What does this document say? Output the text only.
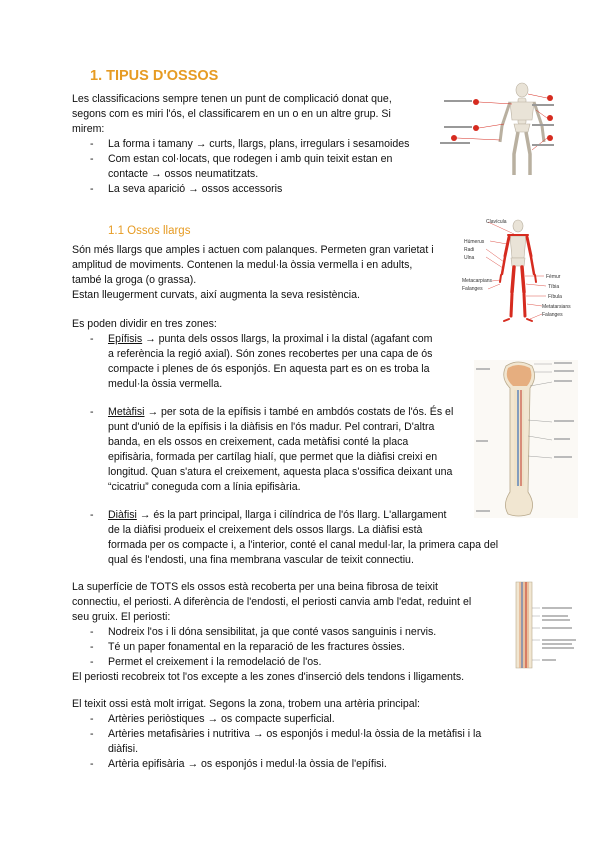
1. TIPUS D'OSSOS
Les classificacions sempre tenen un punt de complicació donat que,
segons com es miri l'ós, el classificarem en un o en un altre grup. Si
mirem:
- La forma i tamany → curts, llargs, plans, irregulars i sesamoides
- Com estan col·locats, que rodegen i amb quin teixit estan en
contacte → ossos neumatitzats.
- La seva aparició → ossos accessoris
1.1 Ossos llargs
Són més llargs que amples i actuen com palanques. Permeten gran varietat i
amplitud de moviments. Contenen la medul·la òssia vermella i en adults,
també la groga (o grassa).
Estan lleugerment curvats, així augmenta la seva resistència.
Clavícula
Húmerus
Radi
Ulna
Metacarpians
Falanges
Fèmur
Tíbia
Fíbula
Metatarsians
Falanges
Es poden dividir en tres zones:
- Epífisis → punta dels ossos llargs, la proximal i la distal (agafant com
a referència la regió axial). Són zones recobertes per una capa de ós
compacte i plenes de ós esponjós. En aquesta part es on es troba la
medul·la òssia vermella.
- Metàfisi → per sota de la epífisis i també en ambdós costats de l'ós. És el
punt d'unió de la epífisis i la diàfisis en l'ós madur. Pel contrari, D'altra
banda, en els ossos en creixement, cada metàfisi conté la placa
epifisària, formada per cartílag hialí, que permet que la diàfisi creixi en
longitud. Quan s'atura el creixement, aquesta placa s'ossifica deixant una
“cicatriu” coneguda com a línia epifisària.
- Diàfisi → és la part principal, llarga i cilíndrica de l'ós llarg. L'allargament
de la diàfisi produeix el creixement dels ossos llargs. La diàfisi està
formada per os compacte i, a l'interior, conté el canal medul·lar, la primera capa del
qual és l'endosti, una fina membrana vascular de teixit connectiu.
La superfície de TOTS els ossos està recoberta per una beina fibrosa de teixit
connectiu, el periosti. A diferència de l'endosti, el periosti canvia amb l'edat, reduint el
seu gruix. El periosti:
- Nodreix l'os i li dóna sensibilitat, ja que conté vasos sanguinis i nervis.
- Té un paper fonamental en la reparació de les fractures òssies.
- Permet el creixement i la remodelació de l'os.
El periosti recobreix tot l'os excepte a les zones d'inserció dels tendons i lligaments.
El teixit ossi està molt irrigat. Segons la zona, trobem una artèria principal:
- Artèries periòstiques → os compacte superficial.
- Artèries metafisàries i nutritiva → os esponjós i medul·la òssia de la metàfisi i la
diàfisi.
- Artèria epifisària → os esponjós i medul·la òssia de l'epífisi.
